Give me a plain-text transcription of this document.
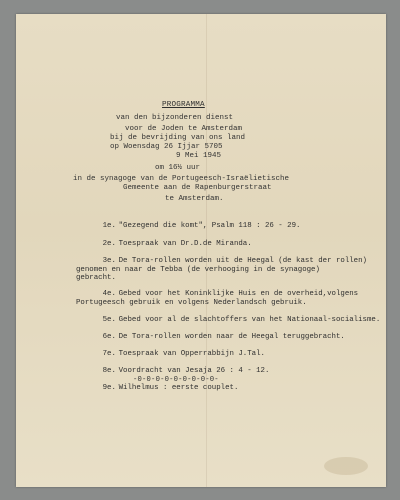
PROGRAMMA
van den bijzonderen dienst
voor de Joden te Amsterdam
bij de bevrijding van ons land
op Woensdag 26 Ijjar 5705
9 Mei 1945
om 16½ uur
in de synagoge van de Portugeesch-Israëlietische
Gemeente aan de Rapenburgerstraat
te Amsterdam.

1e. "Gezegend die komt", Psalm 118 : 26 - 29.

2e. Toespraak van Dr.D.de Miranda.

3e. De Tora-rollen worden uit de Heegal (de kast der rollen)
genomen en naar de Tebba (de verhooging in de synagoge)
gebracht.

4e. Gebed voor het Koninklijke Huis en de overheid,volgens
Portugeesch gebruik en volgens Nederlandsch gebruik.

5e. Gebed voor al de slachtoffers van het Nationaal-socialisme.

6e. De Tora-rollen worden naar de Heegal teruggebracht.

7e. Toespraak van Opperrabbijn J.Tal.

8e. Voordracht van Jesaja 26 : 4 - 12.

9e. Wilhelmus : eerste couplet.

-0-0-0-0-0-0-0-0-0-
